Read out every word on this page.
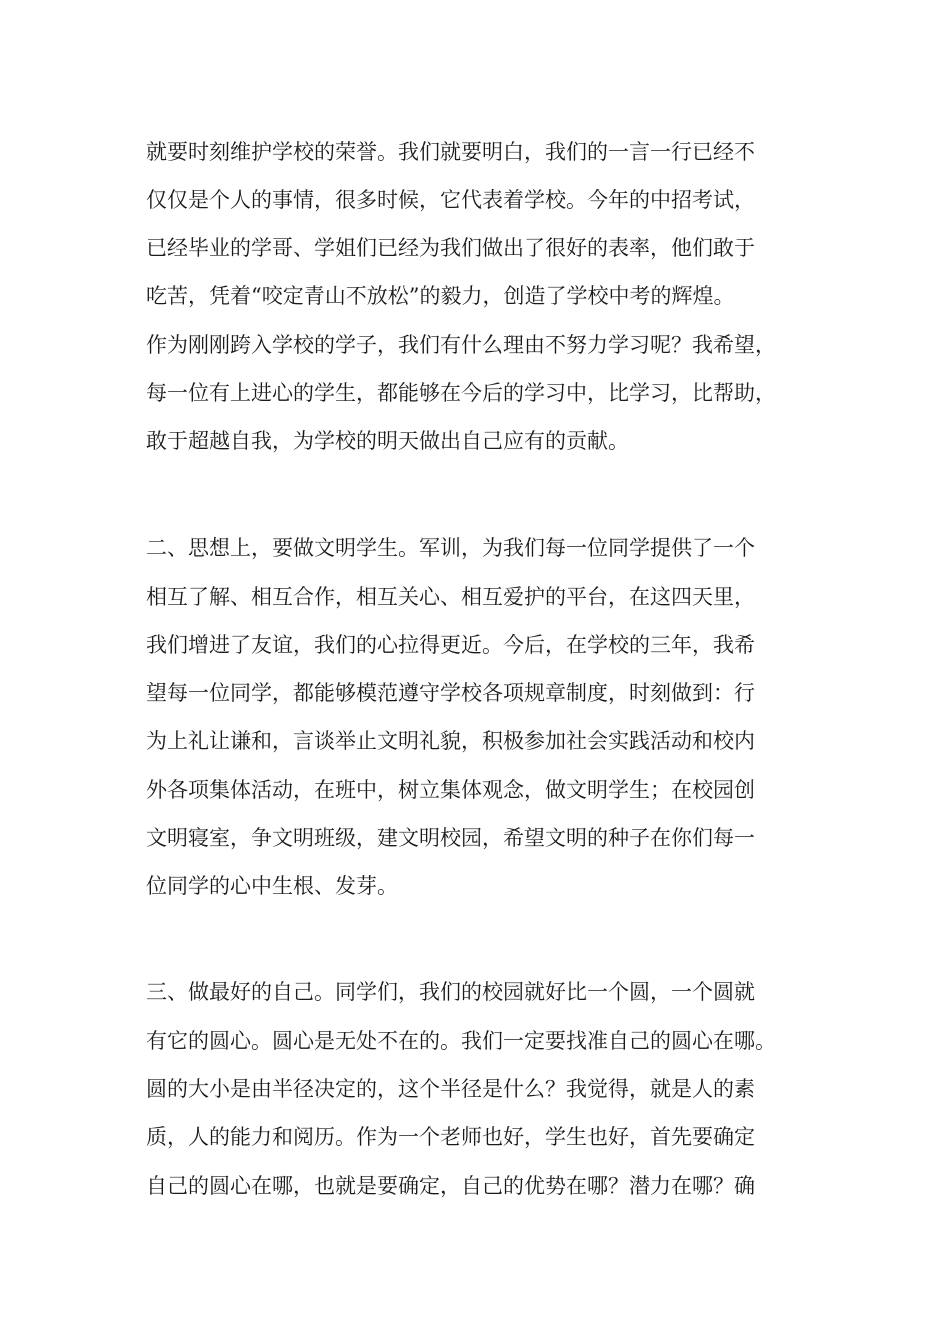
就要时刻维护学校的荣誉。我们就要明白，我们的一言一行已经不
仅仅是个人的事情，很多时候，它代表着学校。今年的中招考试，
已经毕业的学哥、学姐们已经为我们做出了很好的表率，他们敢于
吃苦，凭着“咬定青山不放松”的毅力，创造了学校中考的辉煌。
作为刚刚跨入学校的学子，我们有什么理由不努力学习呢？我希望，
每一位有上进心的学生，都能够在今后的学习中，比学习，比帮助，
敢于超越自我，为学校的明天做出自己应有的贡献。
二、思想上，要做文明学生。军训，为我们每一位同学提供了一个
相互了解、相互合作，相互关心、相互爱护的平台，在这四天里，
我们增进了友谊，我们的心拉得更近。今后，在学校的三年，我希
望每一位同学，都能够模范遵守学校各项规章制度，时刻做到：行
为上礼让谦和，言谈举止文明礼貌，积极参加社会实践活动和校内
外各项集体活动，在班中，树立集体观念，做文明学生；在校园创
文明寝室，争文明班级，建文明校园，希望文明的种子在你们每一
位同学的心中生根、发芽。
三、做最好的自己。同学们，我们的校园就好比一个圆，一个圆就
有它的圆心。圆心是无处不在的。我们一定要找准自己的圆心在哪。
圆的大小是由半径决定的，这个半径是什么？我觉得，就是人的素
质，人的能力和阅历。作为一个老师也好，学生也好，首先要确定
自己的圆心在哪，也就是要确定，自己的优势在哪？潜力在哪？确
